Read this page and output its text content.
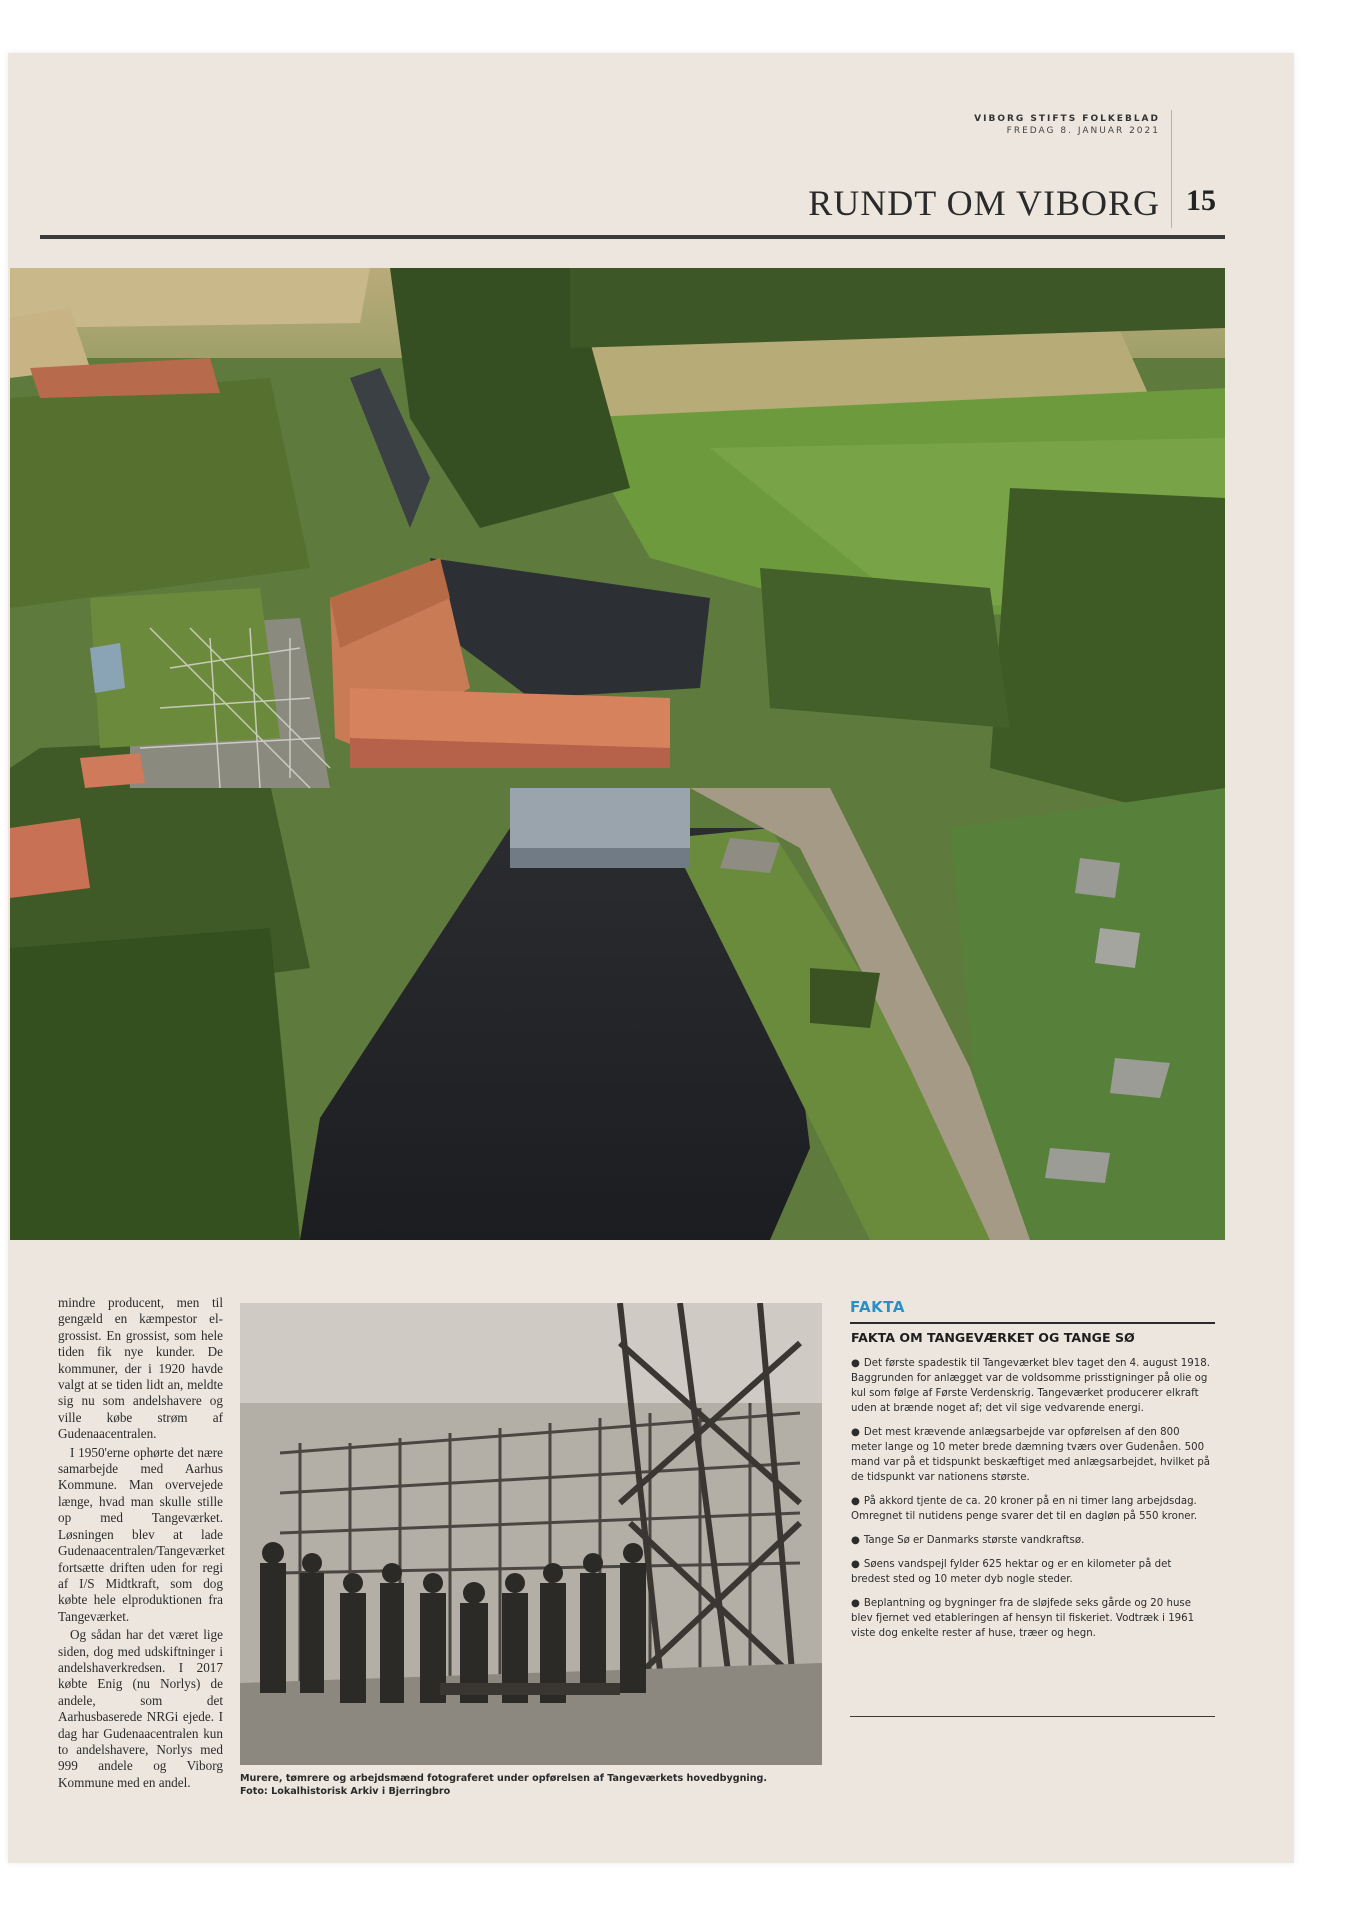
VIBORG STIFTS FOLKEBLAD
FREDAG 8. JANUAR 2021
RUNDT OM VIBORG 15

mindre producent, men til gengæld en kæmpestor el-grossist. En grossist, som hele tiden fik nye kunder. De kommuner, der i 1920 havde valgt at se tiden lidt an, meldte sig nu som andelshavere og ville købe strøm af Gudenaacentralen.

I 1950'erne ophørte det nære samarbejde med Aarhus Kommune. Man overvejede længe, hvad man skulle stille op med Tangeværket. Løsningen blev at lade Gudenaacentralen/Tangeværket fortsætte driften uden for regi af I/S Midtkraft, som dog købte hele elproduktionen fra Tangeværket.

Og sådan har det været lige siden, dog med udskiftninger i andelshaverkredsen. I 2017 købte Enig (nu Norlys) de andele, som det Aarhusbaserede NRGi ejede. I dag har Gudenaacentralen kun to andelshavere, Norlys med 999 andele og Viborg Kommune med en andel.	Murere, tømrere og arbejdsmænd fotograferet under opførelsen af Tangeværkets hovedbygning.
Foto: Lokalhistorisk Arkiv i Bjerringbro
FAKTA
FAKTA OM TANGEVÆRKET OG TANGE SØ
● Det første spadestik til Tangeværket blev taget den 4. august 1918. Baggrunden for anlægget var de voldsomme prisstigninger på olie og kul som følge af Første Verdenskrig. Tangeværket producerer elkraft uden at brænde noget af; det vil sige vedvarende energi.
● Det mest krævende anlægsarbejde var opførelsen af den 800 meter lange og 10 meter brede dæmning tværs over Gudenåen. 500 mand var på et tidspunkt beskæftiget med anlægsarbejdet, hvilket på de tidspunkt var nationens største.
● På akkord tjente de ca. 20 kroner på en ni timer lang arbejdsdag. Omregnet til nutidens penge svarer det til en dagløn på 550 kroner.
● Tange Sø er Danmarks største vandkraftsø.
● Søens vandspejl fylder 625 hektar og er en kilometer på det bredest sted og 10 meter dyb nogle steder.
● Beplantning og bygninger fra de sløjfede seks gårde og 20 huse blev fjernet ved etableringen af hensyn til fiskeriet. Vodtræk i 1961 viste dog enkelte rester af huse, træer og hegn.
